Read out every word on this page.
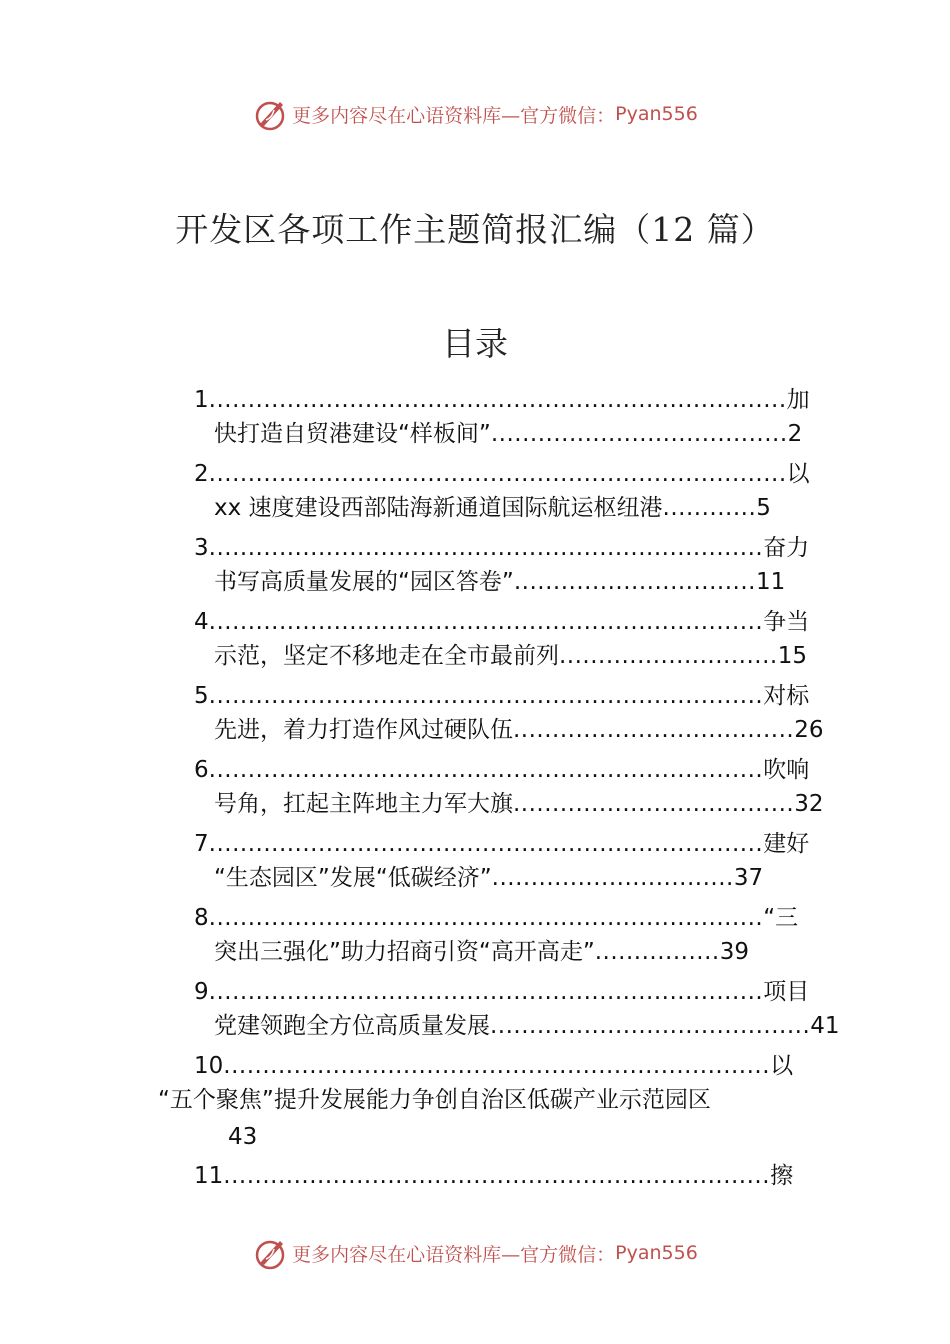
更多内容尽在心语资料库—官方微信： Pyan556
开发区各项工作主题简报汇编（12 篇）
目录
1..........................................................................加
快打造自贸港建设“样板间”......................................2
2..........................................................................以
xx 速度建设西部陆海新通道国际航运枢纽港............5
3.......................................................................奋力
书写高质量发展的“园区答卷”...............................11
4.......................................................................争当
示范，坚定不移地走在全市最前列............................15
5.......................................................................对标
先进，着力打造作风过硬队伍....................................26
6.......................................................................吹响
号角，扛起主阵地主力军大旗....................................32
7.......................................................................建好
“生态园区”发展“低碳经济”...............................37
8.......................................................................“三
突出三强化”助力招商引资“高开高走”................39
9.......................................................................项目
党建领跑全方位高质量发展.........................................41
10......................................................................以
“五个聚焦”提升发展能力争创自治区低碳产业示范园区
43
11......................................................................擦
更多内容尽在心语资料库—官方微信： Pyan556
